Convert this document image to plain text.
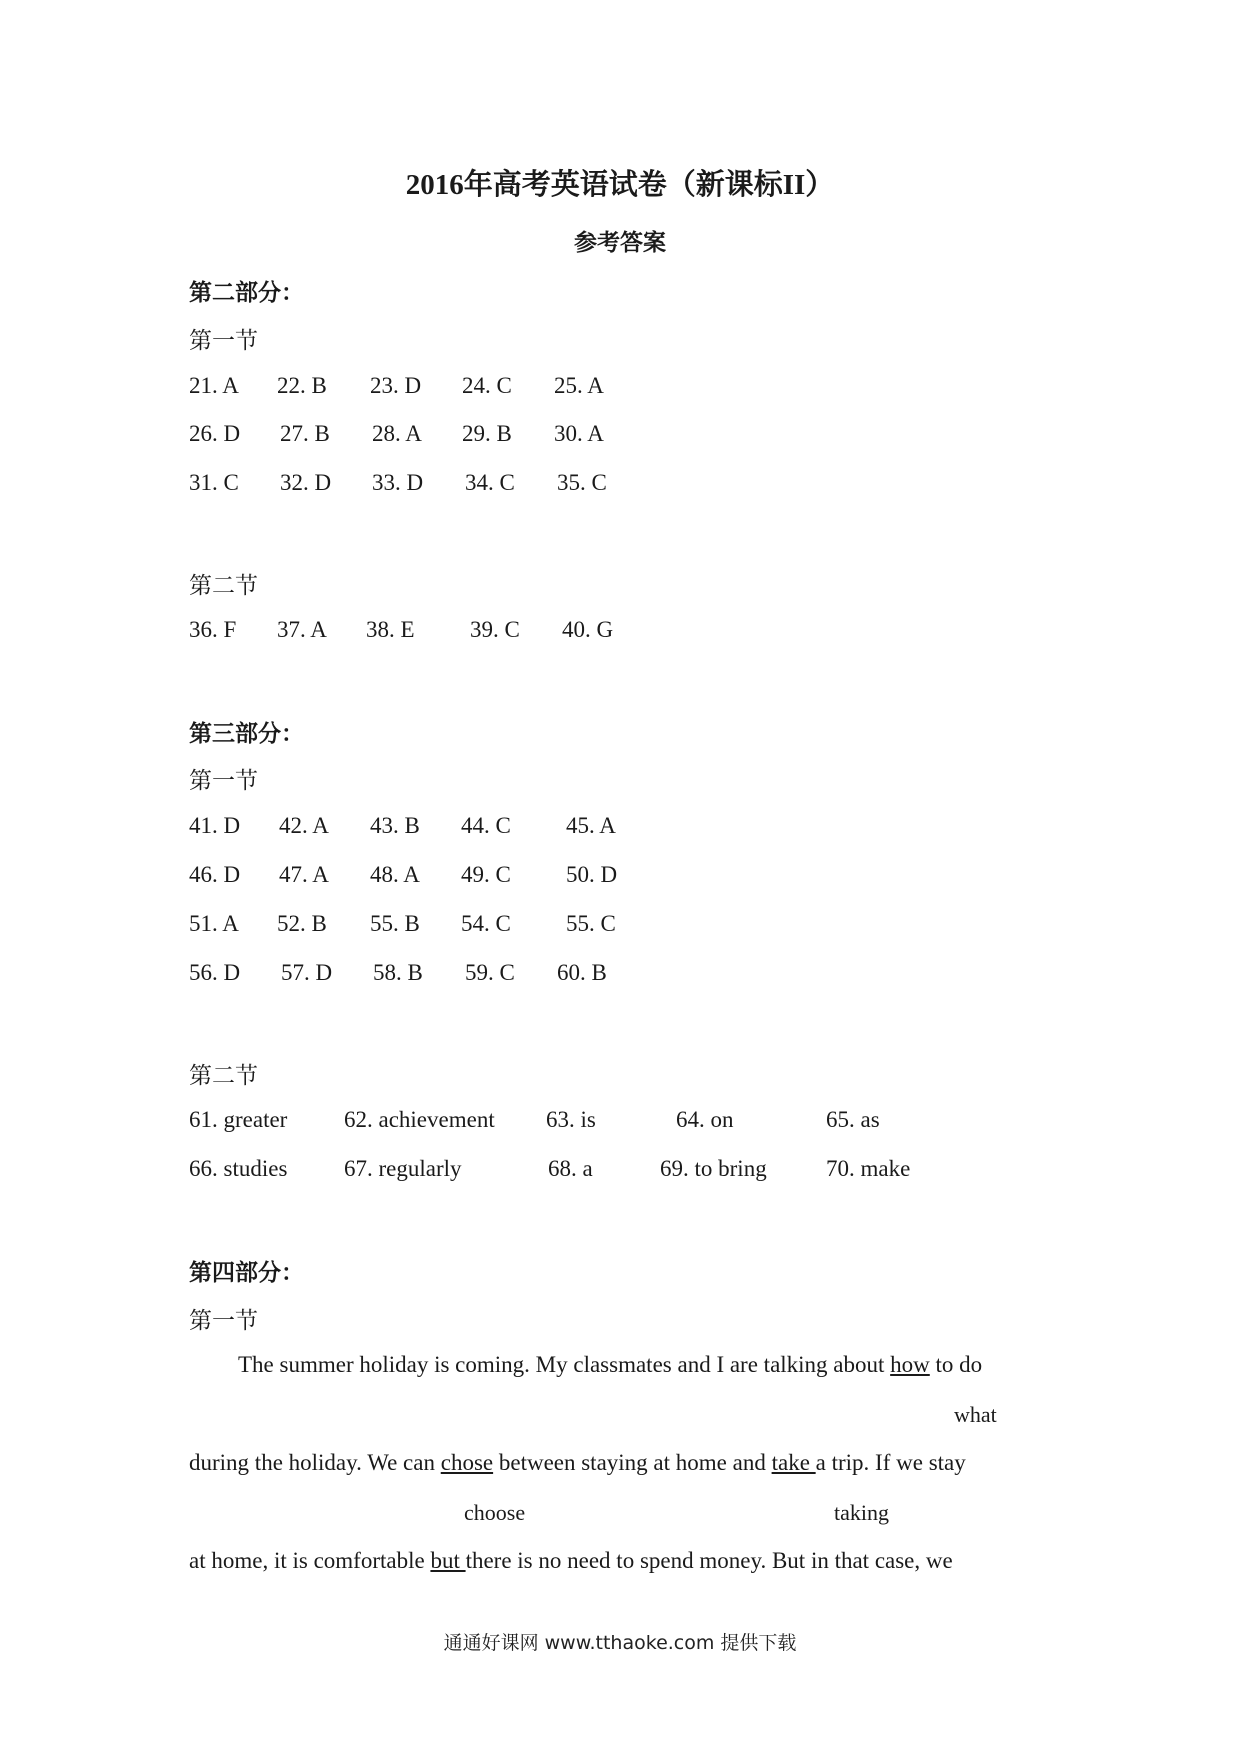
2016年高考英语试卷（新课标II）
参考答案
第二部分：
第一节
21. A 22. B 23. D 24. C 25. A
26. D 27. B 28. A 29. B 30. A
31. C 32. D 33. D 34. C 35. C
第二节
36. F 37. A 38. E 39. C 40. G
第三部分：
第一节
41. D 42. A 43. B 44. C 45. A
46. D 47. A 48. A 49. C 50. D
51. A 52. B 55. B 54. C 55. C
56. D 57. D 58. B 59. C 60. B
第二节
61. greater 62. achievement 63. is	64. on	65. as
66. studies 67. regularly	68. a	69. to bring	70. make
第四部分：
第一节
The summer holiday is coming. My classmates and I are talking about how to do
what
during the holiday. We can chose between staying at home and take a trip. If we stay
choose	taking
at home, it is comfortable but there is no need to spend money. But in that case, we
通通好课网 www.tthaoke.com 提供下载
